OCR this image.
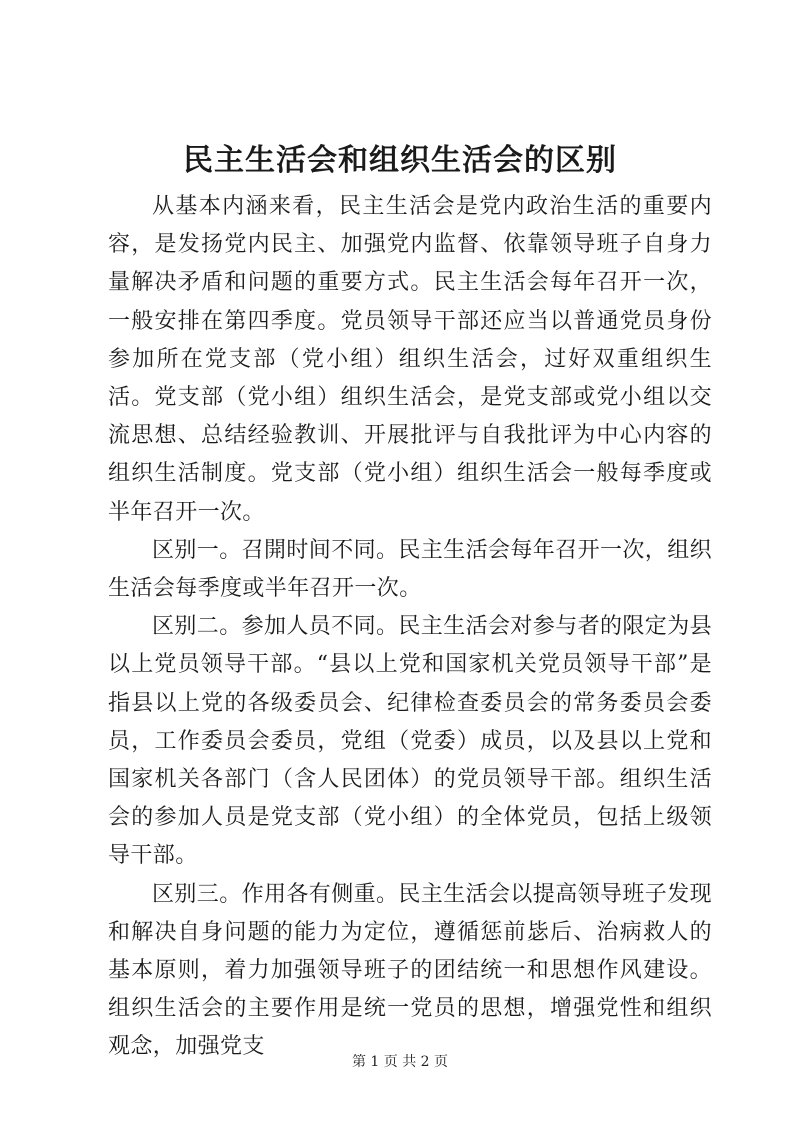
民主生活会和组织生活会的区别

从基本内涵来看，民主生活会是党内政治生活的重要内容，是发扬党内民主、加强党内监督、依靠领导班子自身力量解决矛盾和问题的重要方式。民主生活会每年召开一次，一般安排在第四季度。党员领导干部还应当以普通党员身份参加所在党支部（党小组）组织生活会，过好双重组织生活。党支部（党小组）组织生活会，是党支部或党小组以交流思想、总结经验教训、开展批评与自我批评为中心内容的组织生活制度。党支部（党小组）组织生活会一般每季度或半年召开一次。

区别一。召開时间不同。民主生活会每年召开一次，组织生活会每季度或半年召开一次。

区别二。参加人员不同。民主生活会对参与者的限定为县以上党员领导干部。“县以上党和国家机关党员领导干部”是指县以上党的各级委员会、纪律检查委员会的常务委员会委员，工作委员会委员，党组（党委）成员，以及县以上党和国家机关各部门（含人民团体）的党员领导干部。组织生活会的参加人员是党支部（党小组）的全体党员，包括上级领导干部。

区别三。作用各有侧重。民主生活会以提高领导班子发现和解决自身问题的能力为定位，遵循惩前毖后、治病救人的基本原则，着力加强领导班子的团结统一和思想作风建设。组织生活会的主要作用是统一党员的思想，增强党性和组织观念，加强党支

第 1 页 共 2 页
